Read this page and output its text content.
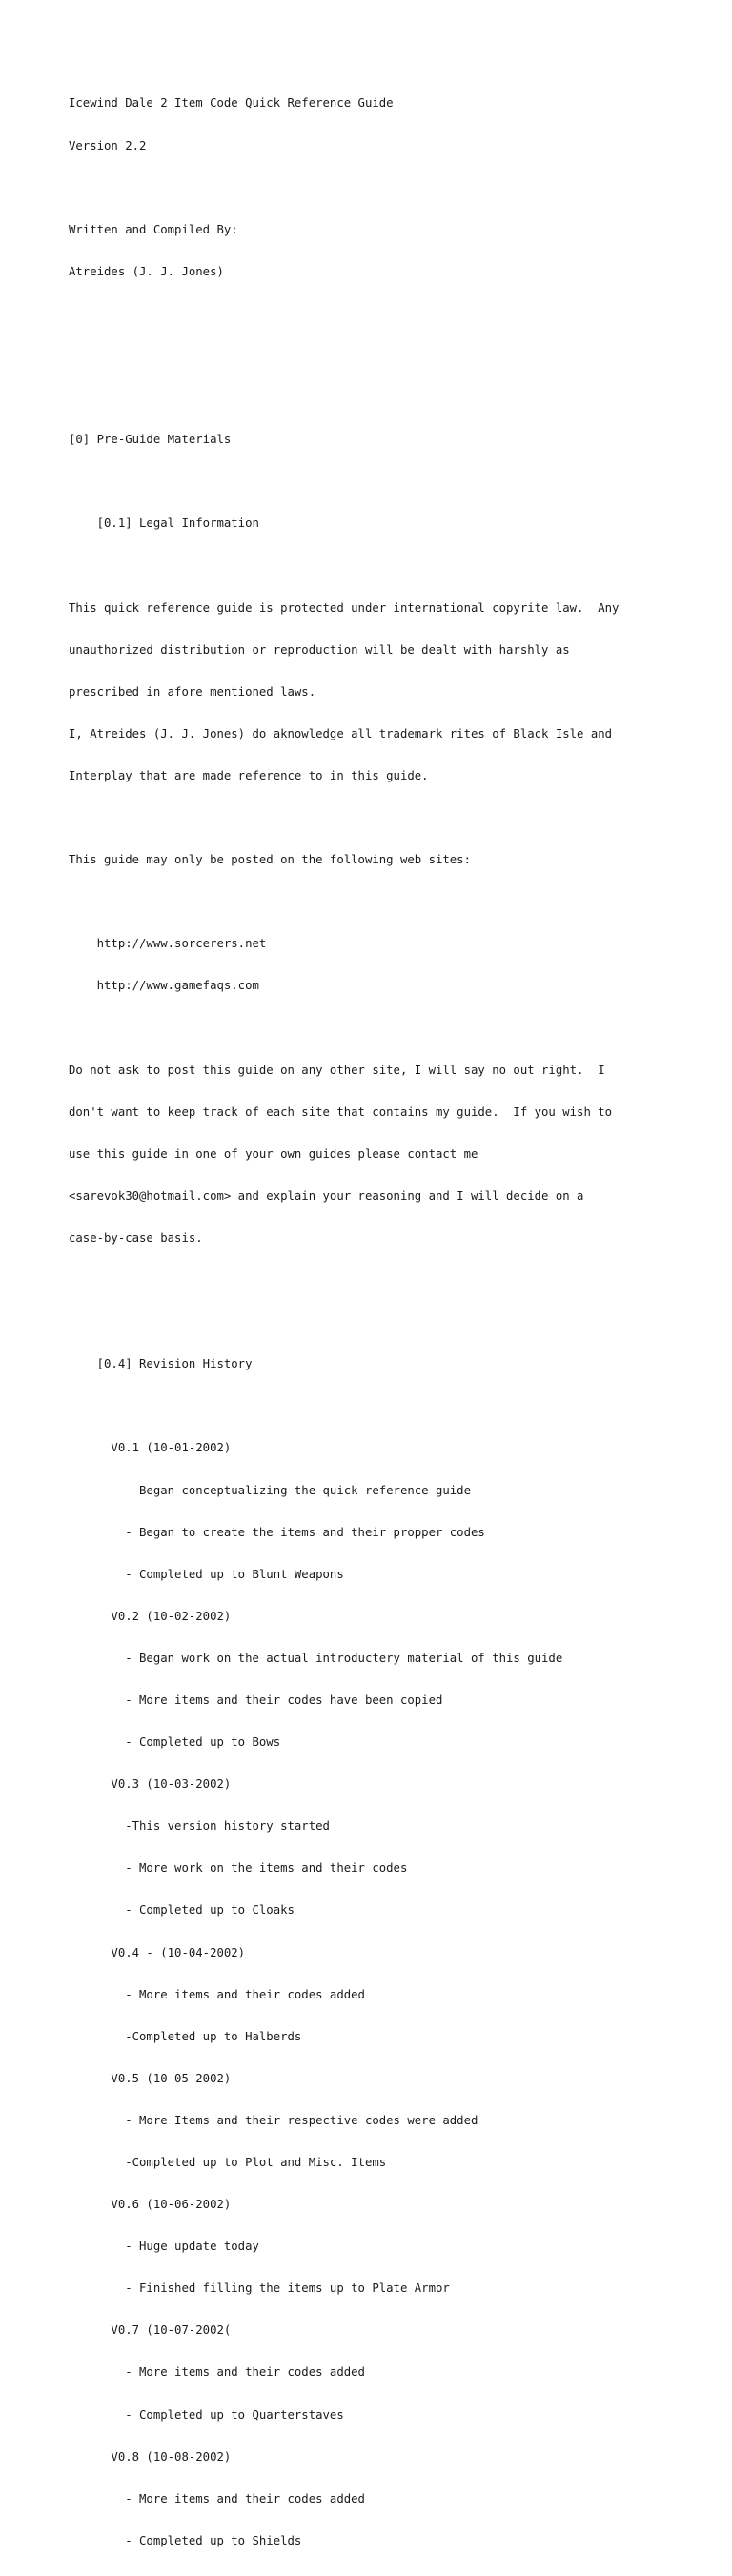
Icewind Dale 2 Item Code Quick Reference Guide

Version 2.2

Written and Compiled By:

Atreides (J. J. Jones)

[0] Pre-Guide Materials

[0.1] Legal Information

This quick reference guide is protected under international copyrite law.  Any

unauthorized distribution or reproduction will be dealt with harshly as

prescribed in afore mentioned laws.

I, Atreides (J. J. Jones) do aknowledge all trademark rites of Black Isle and

Interplay that are made reference to in this guide.

This guide may only be posted on the following web sites:

http://www.sorcerers.net

http://www.gamefaqs.com

Do not ask to post this guide on any other site, I will say no out right.  I

don't want to keep track of each site that contains my guide.  If you wish to

use this guide in one of your own guides please contact me

<sarevok30@hotmail.com> and explain your reasoning and I will decide on a

case-by-case basis.

[0.4] Revision History

V0.1 (10-01-2002)

- Began conceptualizing the quick reference guide

- Began to create the items and their propper codes

- Completed up to Blunt Weapons

V0.2 (10-02-2002)

- Began work on the actual introductery material of this guide

- More items and their codes have been copied

- Completed up to Bows

V0.3 (10-03-2002)

-This version history started

- More work on the items and their codes

- Completed up to Cloaks

V0.4 - (10-04-2002)

- More items and their codes added

-Completed up to Halberds

V0.5 (10-05-2002)

- More Items and their respective codes were added

-Completed up to Plot and Misc. Items

V0.6 (10-06-2002)

- Huge update today

- Finished filling the items up to Plate Armor

V0.7 (10-07-2002(

- More items and their codes added

- Completed up to Quarterstaves

V0.8 (10-08-2002)

- More items and their codes added

- Completed up to Shields
